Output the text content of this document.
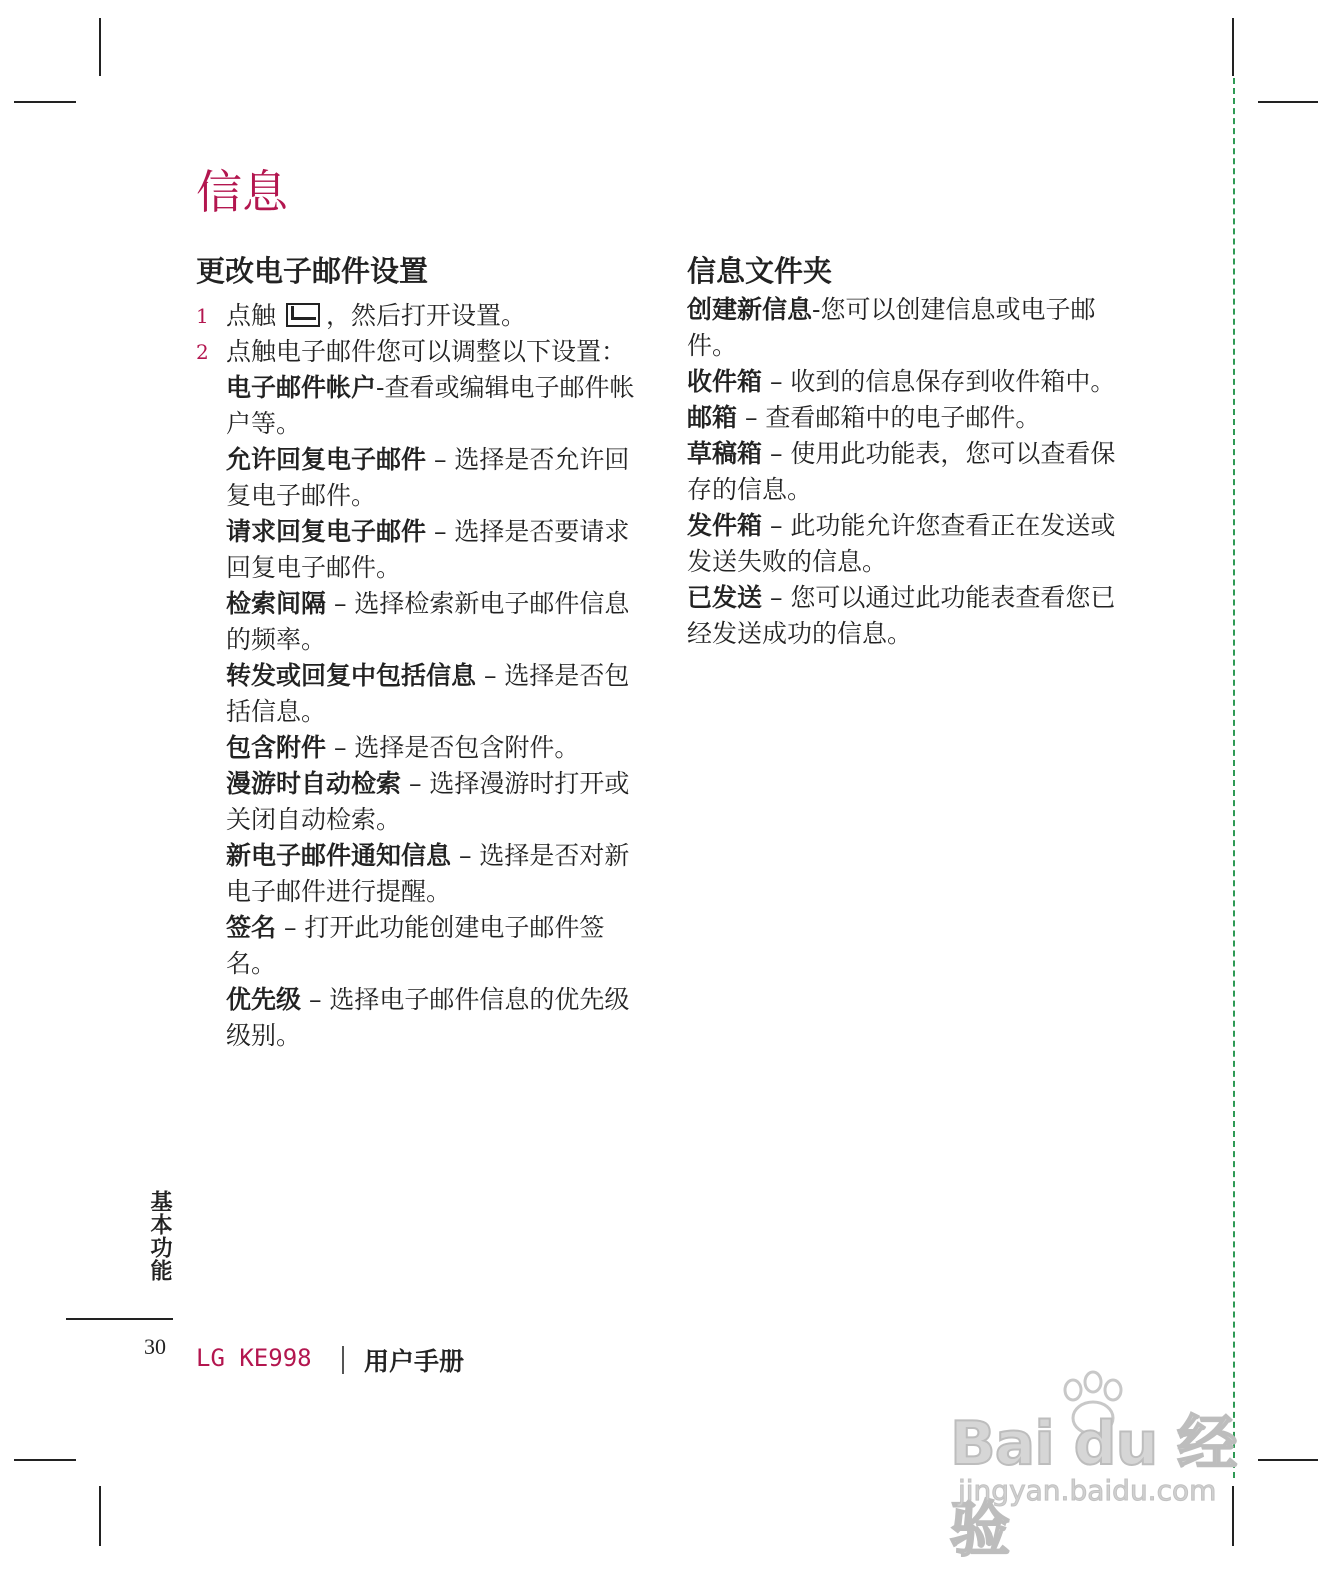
信息
更改电子邮件设置
1 点触 ，然后打开设置。
2 点触电子邮件您可以调整以下设置：
电子邮件帐户-查看或编辑电子邮件帐户等。
允许回复电子邮件 – 选择是否允许回复电子邮件。
请求回复电子邮件 – 选择是否要请求回复电子邮件。
检索间隔 – 选择检索新电子邮件信息的频率。
转发或回复中包括信息 – 选择是否包括信息。
包含附件 – 选择是否包含附件。
漫游时自动检索 – 选择漫游时打开或关闭自动检索。
新电子邮件通知信息 – 选择是否对新电子邮件进行提醒。
签名 – 打开此功能创建电子邮件签名。
优先级 – 选择电子邮件信息的优先级级别。
信息文件夹
创建新信息-您可以创建信息或电子邮件。
收件箱 – 收到的信息保存到收件箱中。
邮箱 – 查看邮箱中的电子邮件。
草稿箱 – 使用此功能表，您可以查看保存的信息。
发件箱 – 此功能允许您查看正在发送或发送失败的信息。
已发送 – 您可以通过此功能表查看您已经发送成功的信息。
基本功能
30 LG KE998 用户手册
Bai du 经验
jingyan.baidu.com
